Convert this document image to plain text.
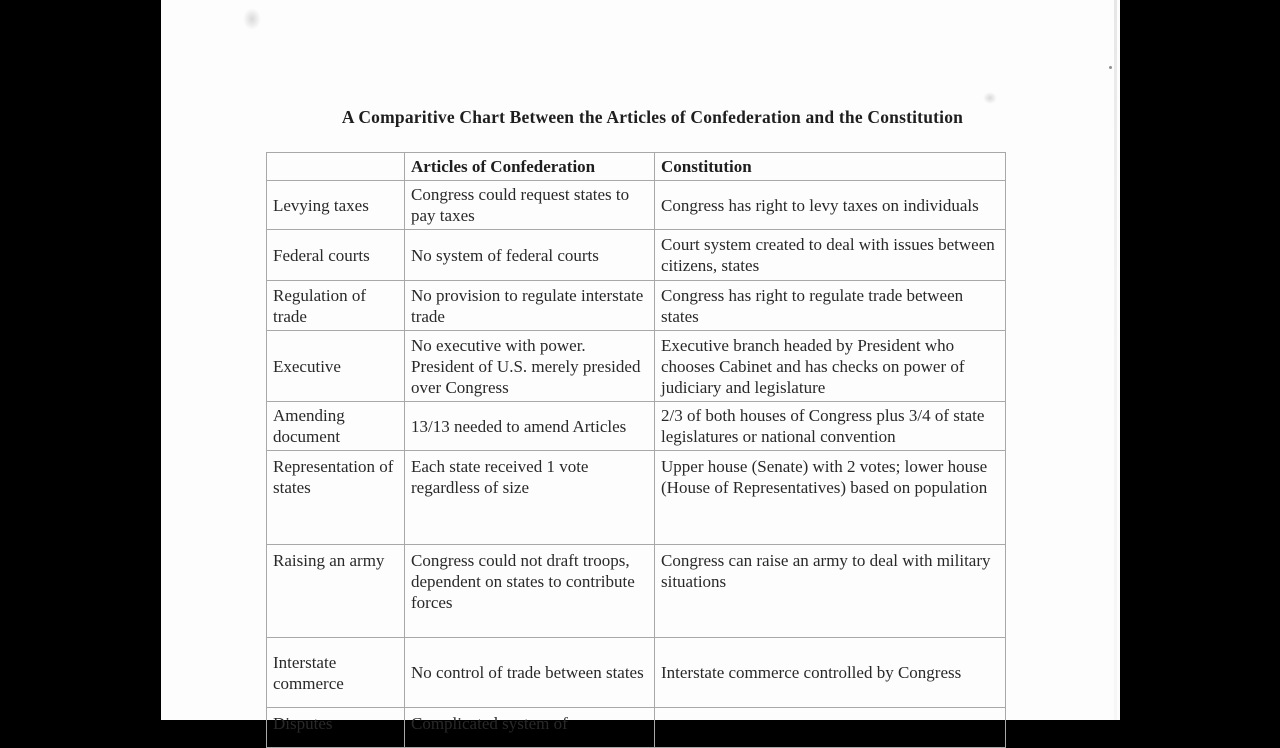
A Comparitive Chart Between the Articles of Confederation and the Constitution
	Articles of Confederation	Constitution
Levying taxes	Congress could request states to pay taxes	Congress has right to levy taxes on individuals
Federal courts	No system of federal courts	Court system created to deal with issues between citizens, states
Regulation of trade	No provision to regulate interstate trade	Congress has right to regulate trade between states
Executive	No executive with power. President of U.S. merely presided over Congress	Executive branch headed by President who chooses Cabinet and has checks on power of judiciary and legislature
Amending document	13/13 needed to amend Articles	2/3 of both houses of Congress plus 3/4 of state legislatures or national convention
Representation of states	Each state received 1 vote regardless of size	Upper house (Senate) with 2 votes; lower house (House of Representatives) based on population
Raising an army	Congress could not draft troops, dependent on states to contribute forces	Congress can raise an army to deal with military situations
Interstate commerce	No control of trade between states	Interstate commerce controlled by Congress
Disputes	Complicated system of	
